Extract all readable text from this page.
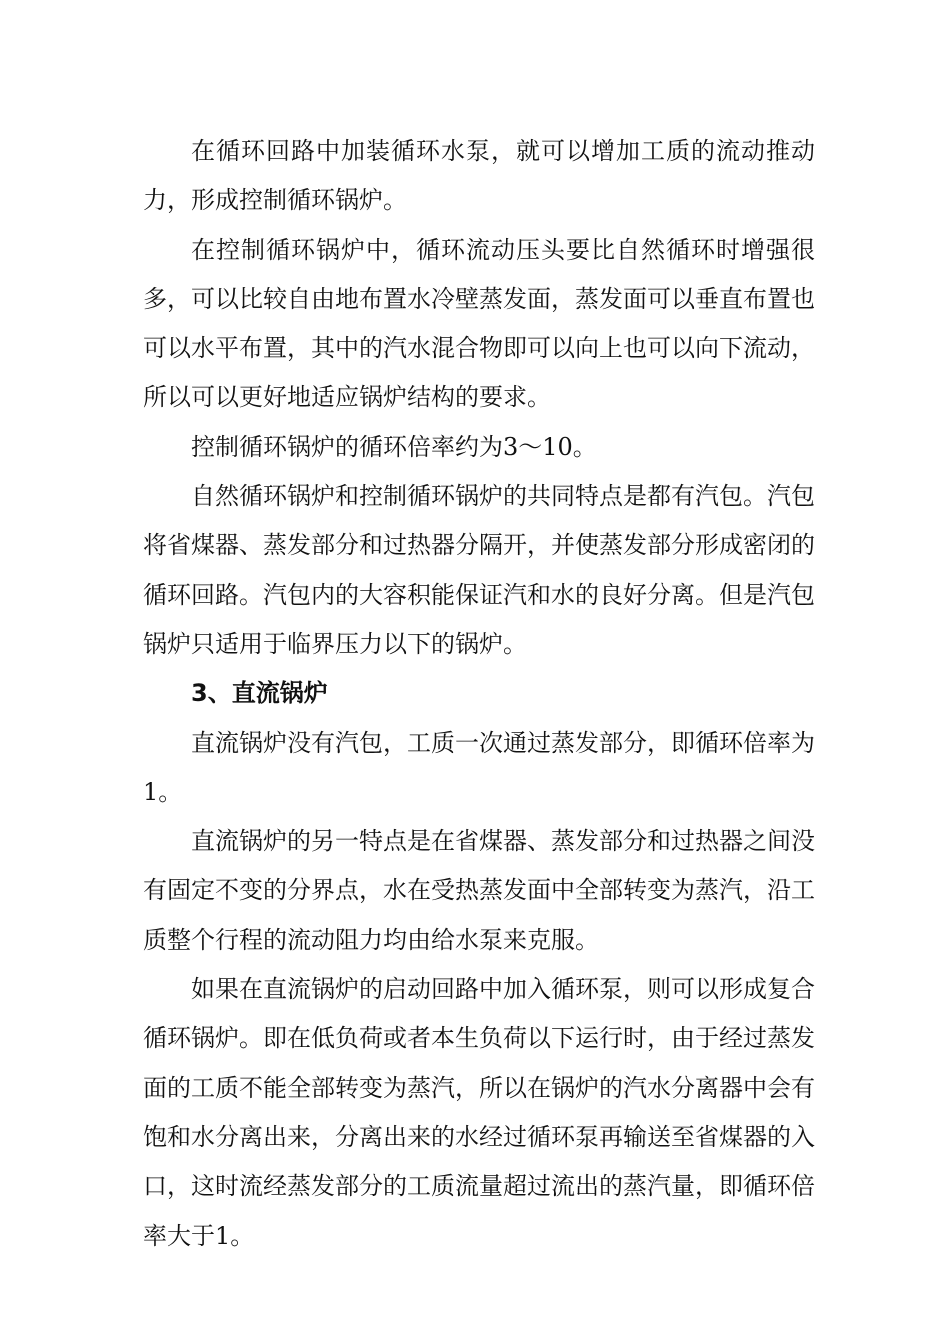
在循环回路中加装循环水泵，就可以增加工质的流动推动力，形成控制循环锅炉。

在控制循环锅炉中，循环流动压头要比自然循环时增强很多，可以比较自由地布置水冷壁蒸发面，蒸发面可以垂直布置也可以水平布置，其中的汽水混合物即可以向上也可以向下流动，所以可以更好地适应锅炉结构的要求。

控制循环锅炉的循环倍率约为3～10。

自然循环锅炉和控制循环锅炉的共同特点是都有汽包。汽包将省煤器、蒸发部分和过热器分隔开，并使蒸发部分形成密闭的循环回路。汽包内的大容积能保证汽和水的良好分离。但是汽包锅炉只适用于临界压力以下的锅炉。

3、直流锅炉

直流锅炉没有汽包，工质一次通过蒸发部分，即循环倍率为1。

直流锅炉的另一特点是在省煤器、蒸发部分和过热器之间没有固定不变的分界点，水在受热蒸发面中全部转变为蒸汽，沿工质整个行程的流动阻力均由给水泵来克服。

如果在直流锅炉的启动回路中加入循环泵，则可以形成复合循环锅炉。即在低负荷或者本生负荷以下运行时，由于经过蒸发面的工质不能全部转变为蒸汽，所以在锅炉的汽水分离器中会有饱和水分离出来，分离出来的水经过循环泵再输送至省煤器的入口，这时流经蒸发部分的工质流量超过流出的蒸汽量，即循环倍率大于1。
